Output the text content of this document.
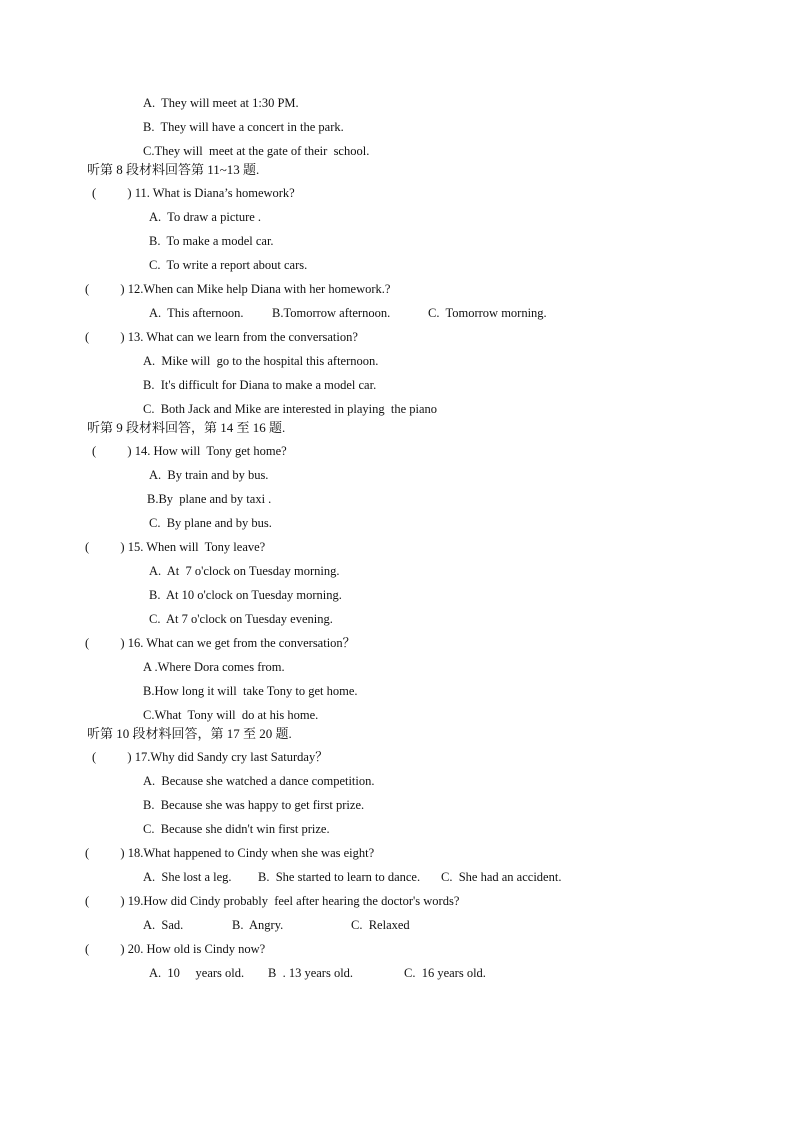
A.  They will meet at 1:30 PM.
B.  They will have a concert in the park.
C.They will  meet at the gate of their  school.
听第 8 段材料回答第 11~13 题.
(          ) 11. What is Diana’s homework?
A.  To draw a picture .
B.  To make a model car.
C.  To write a report about cars.
(          ) 12.When can Mike help Diana with her homework.?
A.  This afternoon. B.Tomorrow afternoon.	C.  Tomorrow morning.
(          ) 13. What can we learn from the conversation?
A.  Mike will  go to the hospital this afternoon.
B.  It's difficult for Diana to make a model car.
C.  Both Jack and Mike are interested in playing  the piano
听第 9 段材料回答，第 14 至 16 题.
(          ) 14. How will  Tony get home?
A.  By train and by bus.
B.By  plane and by taxi .
C.  By plane and by bus.
(          ) 15. When will  Tony leave?
A.  At  7 o'clock on Tuesday morning.
B.  At 10 o'clock on Tuesday morning.
C.  At 7 o'clock on Tuesday evening.
(          ) 16. What can we get from the conversation？
A .Where Dora comes from.
B.How long it will  take Tony to get home.
C.What  Tony will  do at his home.
听第 10 段材料回答，第 17 至 20 题.
(          ) 17.Why did Sandy cry last Saturday？
A.  Because she watched a dance competition.
B.  Because she was happy to get first prize.
C.  Because she didn't win first prize.
(          ) 18.What happened to Cindy when she was eight?
A.  She lost a leg. B.  She started to learn to dance. C.  She had an accident.
(          ) 19.How did Cindy probably  feel after hearing the doctor's words?
A.  Sad.	B.  Angry.	C.  Relaxed
(          ) 20. How old is Cindy now?
A.  10     years old. B  . 13 years old.	C.  16 years old.
